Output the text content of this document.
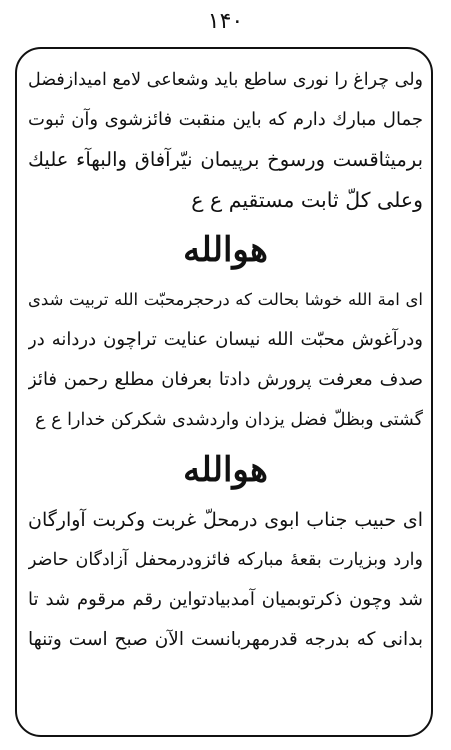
۱۴۰
ولی چراغ را نوری ساطع باید وشعاعی لامع امیدازفضل
جمال مبارك دارم که باین منقبت فائزشوی وآن ثبوت
برمیثاقست ورسوخ برپیمان نیّرآفاق والبهآء علیك
وعلی کلّ ثابت مستقیم ع ع
هوالله
ای امة الله خوشا بحالت که درحجرمحبّت الله تربیت شدی
ودرآغوش محبّت الله نیسان عنایت تراچون دردانه در
صدف معرفت پرورش دادتا بعرفان مطلع رحمن فائز
گشتی وبظلّ فضل یزدان واردشدی شکرکن خدارا ع ع
هوالله
ای حبیب جناب ابوی درمحلّ غربت وکربت آوارگان
وارد وبزیارت بقعهٔ مبارکه فائزودرمحفل آزادگان حاضر
شد وچون ذکرتوبمیان آمدبیادتواین رقم مرقوم شد تا
بدانی که بدرجه قدرمهربانست الآن صبح است وتنها
